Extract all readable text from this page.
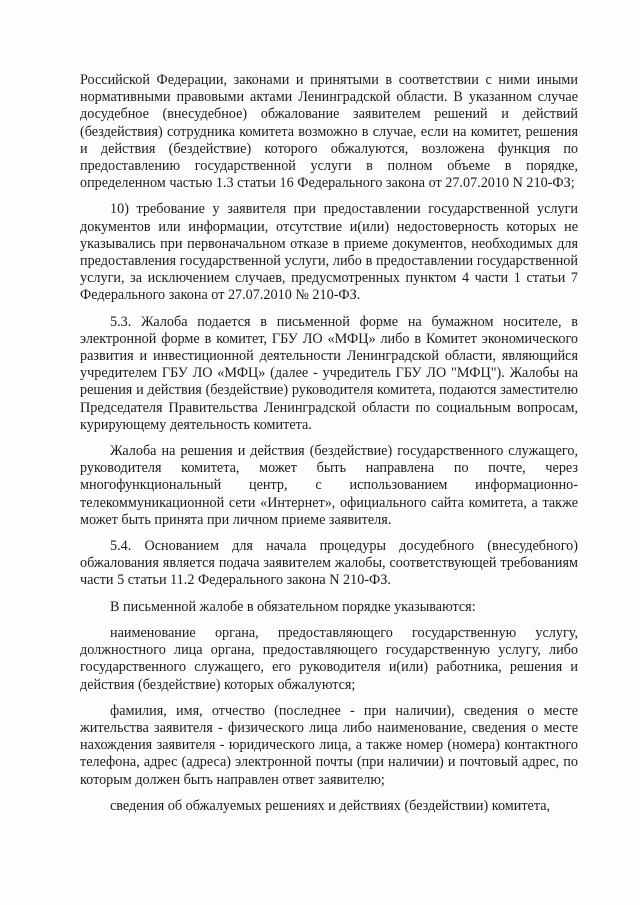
Российской Федерации, законами и принятыми в соответствии с ними иными нормативными правовыми актами Ленинградской области. В указанном случае досудебное (внесудебное) обжалование заявителем решений и действий (бездействия) сотрудника комитета возможно в случае, если на комитет, решения и действия (бездействие) которого обжалуются, возложена функция по предоставлению государственной услуги в полном объеме в порядке, определенном частью 1.3 статьи 16 Федерального закона от 27.07.2010 N 210-ФЗ;

10) требование у заявителя при предоставлении государственной услуги документов или информации, отсутствие и(или) недостоверность которых не указывались при первоначальном отказе в приеме документов, необходимых для предоставления государственной услуги, либо в предоставлении государственной услуги, за исключением случаев, предусмотренных пунктом 4 части 1 статьи 7 Федерального закона от 27.07.2010 № 210-ФЗ.

5.3. Жалоба подается в письменной форме на бумажном носителе, в электронной форме в комитет, ГБУ ЛО «МФЦ» либо в Комитет экономического развития и инвестиционной деятельности Ленинградской области, являющийся учредителем ГБУ ЛО «МФЦ» (далее - учредитель ГБУ ЛО "МФЦ"). Жалобы на решения и действия (бездействие) руководителя комитета, подаются заместителю Председателя Правительства Ленинградской области по социальным вопросам, курирующему деятельность комитета.

Жалоба на решения и действия (бездействие) государственного служащего, руководителя комитета, может быть направлена по почте, через многофункциональный центр, с использованием информационно-телекоммуникационной сети «Интернет», официального сайта комитета, а также может быть принята при личном приеме заявителя.

5.4. Основанием для начала процедуры досудебного (внесудебного) обжалования является подача заявителем жалобы, соответствующей требованиям части 5 статьи 11.2 Федерального закона N 210-ФЗ.

В письменной жалобе в обязательном порядке указываются:

наименование органа, предоставляющего государственную услугу, должностного лица органа, предоставляющего государственную услугу, либо государственного служащего, его руководителя и(или) работника, решения и действия (бездействие) которых обжалуются;

фамилия, имя, отчество (последнее - при наличии), сведения о месте жительства заявителя - физического лица либо наименование, сведения о месте нахождения заявителя - юридического лица, а также номер (номера) контактного телефона, адрес (адреса) электронной почты (при наличии) и почтовый адрес, по которым должен быть направлен ответ заявителю;

сведения об обжалуемых решениях и действиях (бездействии) комитета,
